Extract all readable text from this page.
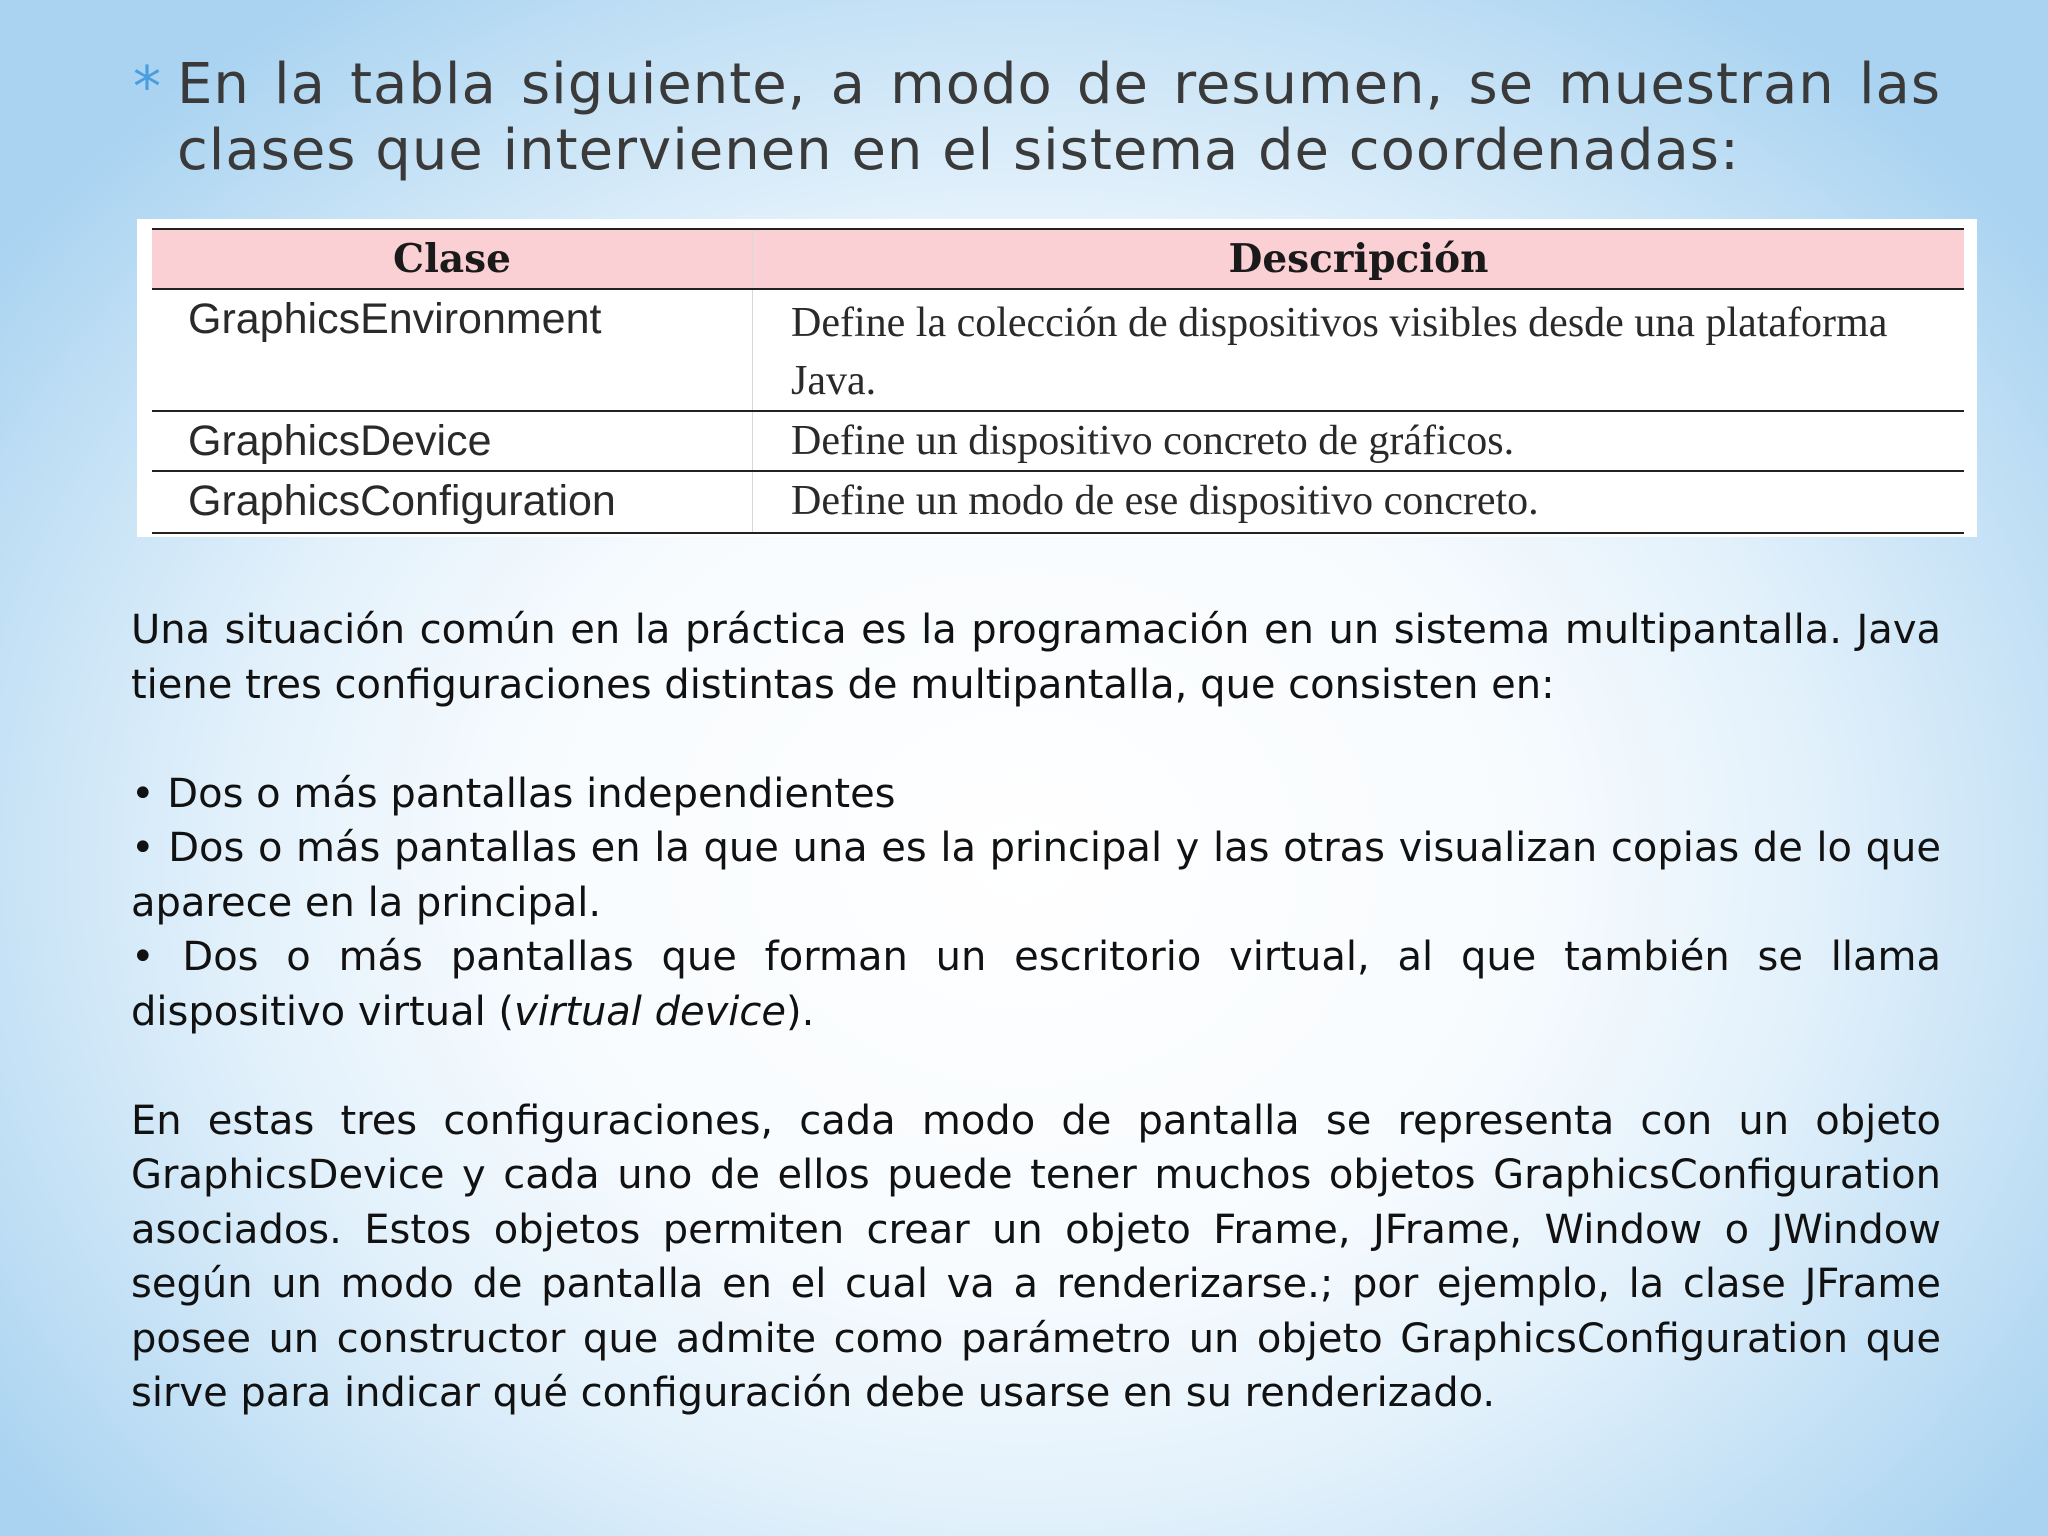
* En la tabla siguiente, a modo de resumen, se muestran las clases que intervienen en el sistema de coordenadas:
Clase	Descripción
GraphicsEnvironment	Define la colección de dispositivos visibles desde una plataforma Java.
GraphicsDevice	Define un dispositivo concreto de gráficos.
GraphicsConfiguration	Define un modo de ese dispositivo concreto.

Una situación común en la práctica es la programación en un sistema multipantalla. Java tiene tres configuraciones distintas de multipantalla, que consisten en:

• Dos o más pantallas independientes

• Dos o más pantallas en la que una es la principal y las otras visualizan copias de lo que aparece en la principal.

• Dos o más pantallas que forman un escritorio virtual, al que también se llama dispositivo virtual (virtual device).

En estas tres configuraciones, cada modo de pantalla se representa con un objeto GraphicsDevice y cada uno de ellos puede tener muchos objetos GraphicsConfiguration asociados. Estos objetos permiten crear un objeto Frame, JFrame, Window o JWindow según un modo de pantalla en el cual va a renderizarse.; por ejemplo, la clase JFrame posee un constructor que admite como parámetro un objeto GraphicsConfiguration que sirve para indicar qué configuración debe usarse en su renderizado.
